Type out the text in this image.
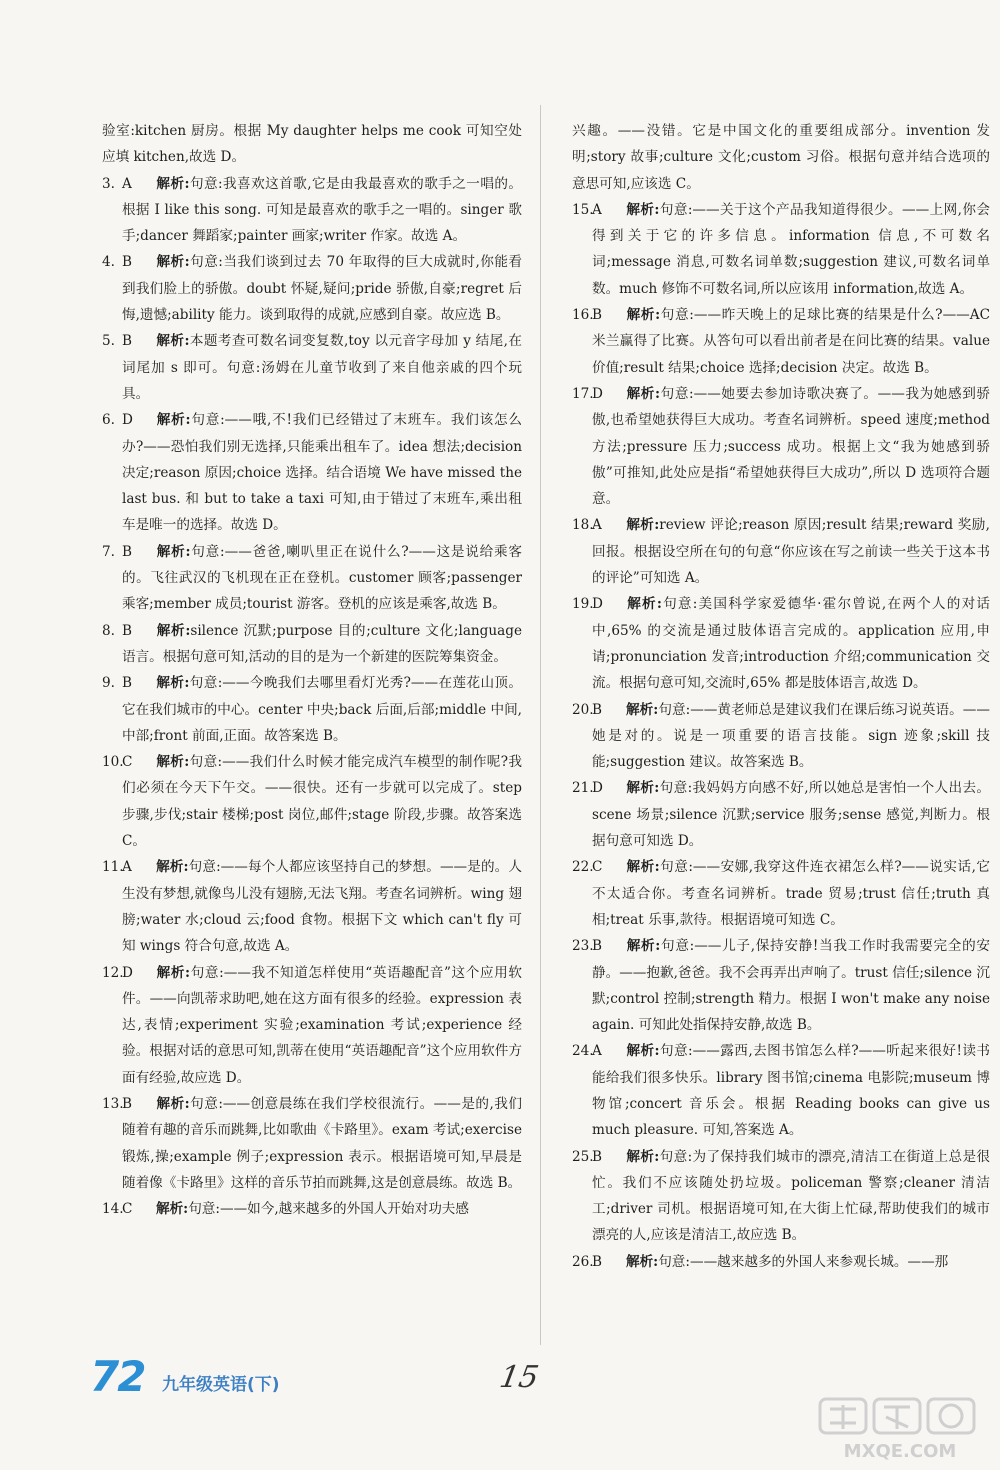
验室:kitchen 厨房。根据 My daughter helps me cook 可知空处应填 kitchen,故选 D。

3. A 解析:句意:我喜欢这首歌,它是由我最喜欢的歌手之一唱的。根据 I like this song. 可知是最喜欢的歌手之一唱的。singer 歌手;dancer 舞蹈家;painter 画家;writer 作家。故选 A。

4. B 解析:句意:当我们谈到过去 70 年取得的巨大成就时,你能看到我们脸上的骄傲。doubt 怀疑,疑问;pride 骄傲,自豪;regret 后悔,遗憾;ability 能力。谈到取得的成就,应感到自豪。故应选 B。

5. B 解析:本题考查可数名词变复数,toy 以元音字母加 y 结尾,在词尾加 s 即可。句意:汤姆在儿童节收到了来自他亲戚的四个玩具。

6. D 解析:句意:——哦,不!我们已经错过了末班车。我们该怎么办?——恐怕我们别无选择,只能乘出租车了。idea 想法;decision 决定;reason 原因;choice 选择。结合语境 We have missed the last bus. 和 but to take a taxi 可知,由于错过了末班车,乘出租车是唯一的选择。故选 D。

7. B 解析:句意:——爸爸,喇叭里正在说什么?——这是说给乘客的。飞往武汉的飞机现在正在登机。customer 顾客;passenger 乘客;member 成员;tourist 游客。登机的应该是乘客,故选 B。

8. B 解析:silence 沉默;purpose 目的;culture 文化;language 语言。根据句意可知,活动的目的是为一个新建的医院筹集资金。

9. B 解析:句意:——今晚我们去哪里看灯光秀?——在莲花山顶。它在我们城市的中心。center 中央;back 后面,后部;middle 中间,中部;front 前面,正面。故答案选 B。

10.C 解析:句意:——我们什么时候才能完成汽车模型的制作呢?我们必须在今天下午交。——很快。还有一步就可以完成了。step 步骤,步伐;stair 楼梯;post 岗位,邮件;stage 阶段,步骤。故答案选 C。

11.A 解析:句意:——每个人都应该坚持自己的梦想。——是的。人生没有梦想,就像鸟儿没有翅膀,无法飞翔。考查名词辨析。wing 翅膀;water 水;cloud 云;food 食物。根据下文 which can't fly 可知 wings 符合句意,故选 A。

12.D 解析:句意:——我不知道怎样使用“英语趣配音”这个应用软件。——向凯蒂求助吧,她在这方面有很多的经验。expression 表达,表情;experiment 实验;examination 考试;experience 经验。根据对话的意思可知,凯蒂在使用“英语趣配音”这个应用软件方面有经验,故应选 D。

13.B 解析:句意:——创意晨练在我们学校很流行。——是的,我们随着有趣的音乐而跳舞,比如歌曲《卡路里》。exam 考试;exercise 锻炼,操;example 例子;expression 表示。根据语境可知,早晨是随着像《卡路里》这样的音乐节拍而跳舞,这是创意晨练。故选 B。

14.C 解析:句意:——如今,越来越多的外国人开始对功夫感

兴趣。——没错。它是中国文化的重要组成部分。invention 发明;story 故事;culture 文化;custom 习俗。根据句意并结合选项的意思可知,应该选 C。

15.A 解析:句意:——关于这个产品我知道得很少。——上网,你会得到关于它的许多信息。information 信息,不可数名词;message 消息,可数名词单数;suggestion 建议,可数名词单数。much 修饰不可数名词,所以应该用 information,故选 A。

16.B 解析:句意:——昨天晚上的足球比赛的结果是什么?——AC 米兰赢得了比赛。从答句可以看出前者是在问比赛的结果。value 价值;result 结果;choice 选择;decision 决定。故选 B。

17.D 解析:句意:——她要去参加诗歌决赛了。——我为她感到骄傲,也希望她获得巨大成功。考查名词辨析。speed 速度;method 方法;pressure 压力;success 成功。根据上文“我为她感到骄傲”可推知,此处应是指“希望她获得巨大成功”,所以 D 选项符合题意。

18.A 解析:review 评论;reason 原因;result 结果;reward 奖励,回报。根据设空所在句的句意“你应该在写之前读一些关于这本书的评论”可知选 A。

19.D 解析:句意:美国科学家爱德华·霍尔曾说,在两个人的对话中,65% 的交流是通过肢体语言完成的。application 应用,申请;pronunciation 发音;introduction 介绍;communication 交流。根据句意可知,交流时,65% 都是肢体语言,故选 D。

20.B 解析:句意:——黄老师总是建议我们在课后练习说英语。——她是对的。说是一项重要的语言技能。sign 迹象;skill 技能;suggestion 建议。故答案选 B。

21.D 解析:句意:我妈妈方向感不好,所以她总是害怕一个人出去。scene 场景;silence 沉默;service 服务;sense 感觉,判断力。根据句意可知选 D。

22.C 解析:句意:——安娜,我穿这件连衣裙怎么样?——说实话,它不太适合你。考查名词辨析。trade 贸易;trust 信任;truth 真相;treat 乐事,款待。根据语境可知选 C。

23.B 解析:句意:——儿子,保持安静!当我工作时我需要完全的安静。——抱歉,爸爸。我不会再弄出声响了。trust 信任;silence 沉默;control 控制;strength 精力。根据 I won't make any noise again. 可知此处指保持安静,故选 B。

24.A 解析:句意:——露西,去图书馆怎么样?——听起来很好!读书能给我们很多快乐。library 图书馆;cinema 电影院;museum 博物馆;concert 音乐会。根据 Reading books can give us much pleasure. 可知,答案选 A。

25.B 解析:句意:为了保持我们城市的漂亮,清洁工在街道上总是很忙。我们不应该随处扔垃圾。policeman 警察;cleaner 清洁工;driver 司机。根据语境可知,在大街上忙碌,帮助使我们的城市漂亮的人,应该是清洁工,故应选 B。

26.B 解析:句意:——越来越多的外国人来参观长城。——那

72 九年级英语(下)	15
MXQE.COM
